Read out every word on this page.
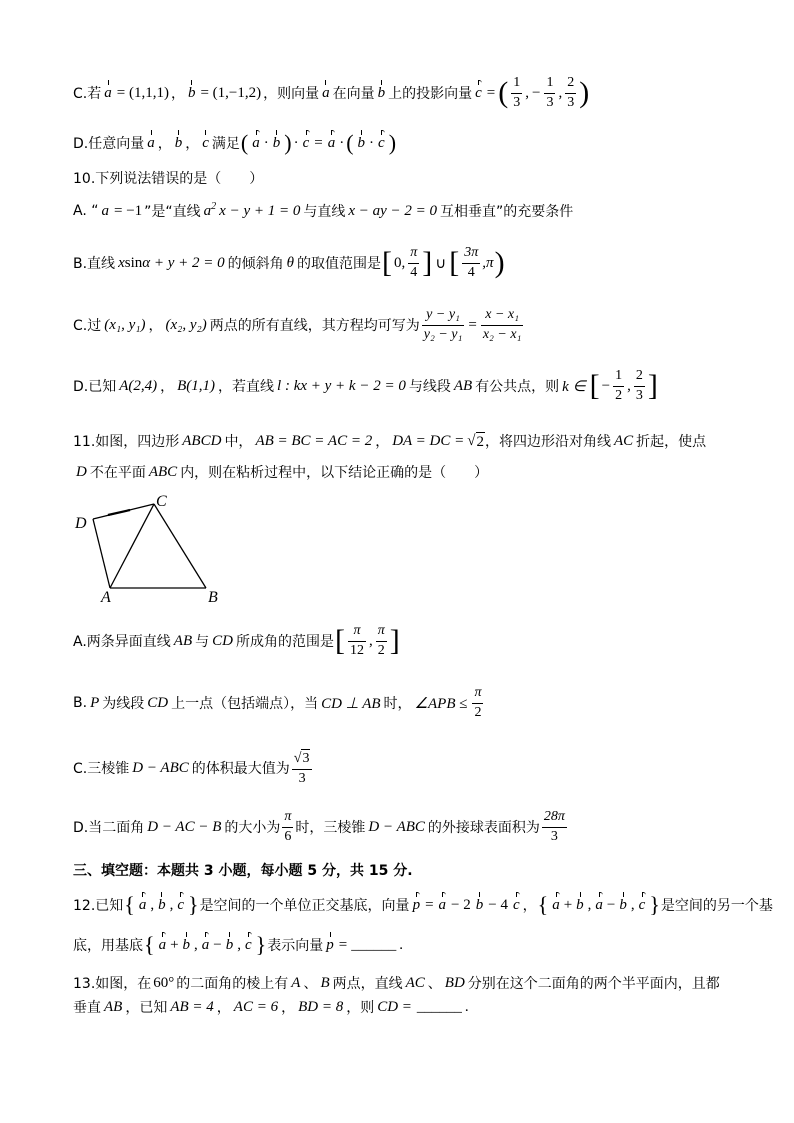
C.若 a = (1,1,1) ， b = (1,−1,2) ，则向量 a 在向量 b 上的投影向量 c = ( $\frac{1}{3}$ , − $\frac{1}{3}$ , $\frac{2}{3}$ )
D.任意向量 a ， b ， c 满足 ( a · b ) · c = a · ( b · c )
10.下列说法错误的是（　　）
A. “ a = −1 ”是“直线 $a^2$ x − y + 1 = 0 与直线 x − ay − 2 = 0 互相垂直”的充要条件
B.直线 x sin α + y + 2 = 0 的倾斜角 θ 的取值范围是 [ 0, $\frac{\pi}{4}$ ] ∪ [ $\frac{3\pi}{4} ,\pi$ )
C.过 (x₁, y₁) ， (x₂, y₂) 两点的所有直线，其方程均可写为 $\frac{\text{y − y₁}}{\text{y₂ − y₁}} = \frac{\text{x − x₁}}{\text{x₂ − x₁}}$
D.已知 A(2,4) ， B(1,1) ，若直线 l : kx + y + k − 2 = 0 与线段 AB 有公共点，则 k ∈ [ − $\frac{1}{2}$ , $\frac{2}{3}$ ]
11.如图，四边形 ABCD 中， AB = BC = AC = 2 ， DA = DC = √ 2 ，将四边形沿对角线 AC 折起，使点
D 不在平面 ABC 内，则在粘析过程中，以下结论正确的是（　　）
D
C
A	B
A.两条异面直线 AB 与 CD 所成角的范围是 [ $\frac{\pi}{12}$ , $\frac{\pi}{2}$ ]
B. P 为线段 CD 上一点（包括端点），当 CD ⊥ AB 时， ∠APB ≤ $\frac{\pi}{2}$
C.三棱锥 D − ABC 的体积最大值为 $\frac{√ 3}{3}$
D.当二面角 D − AC − B 的大小为 $\frac{\pi}{6}$ 时，三棱锥 D − ABC 的外接球表面积为 $\frac{28\pi}{3}$
三、填空题：本题共 3 小题，每小题 5 分，共 15 分.
12.已知 { a , b , c } 是空间的一个单位正交基底，向量 p = a − 2 b − 4 c ， { a + b , a − b , c } 是空间的另一个基
底，用基底 { a + b , a − b , c } 表示向量 p = ______ .
13.如图，在 60° 的二面角的棱上有 A 、 B 两点，直线 AC 、 BD 分别在这个二面角的两个半平面内，且都
垂直 AB ，已知 AB = 4 ， AC = 6 ， BD = 8 ，则 CD = ______ .
